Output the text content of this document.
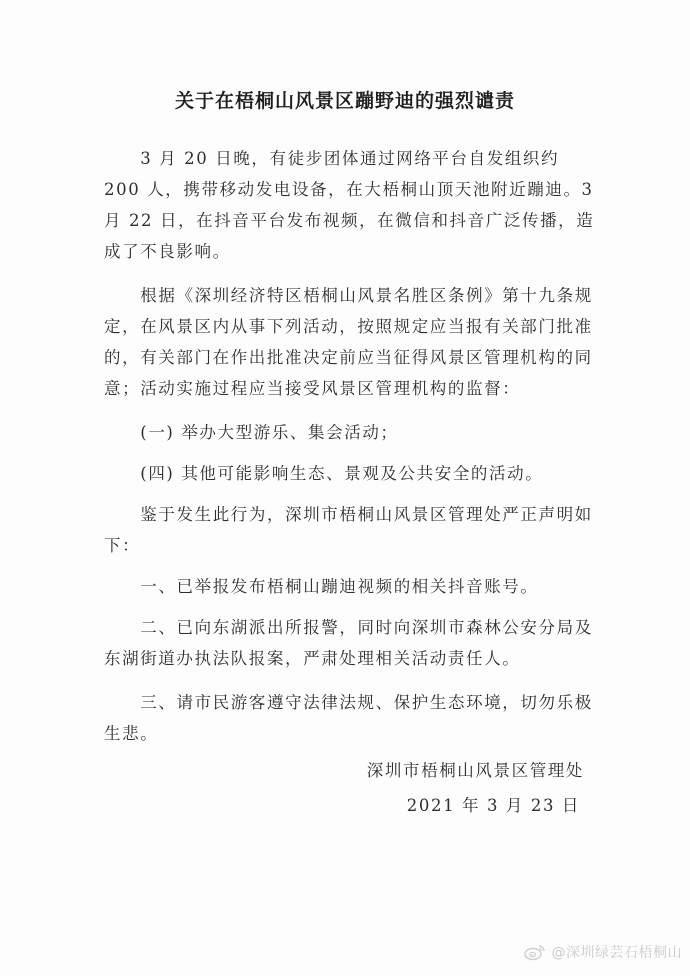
关于在梧桐山风景区蹦野迪的强烈谴责

3 月 20 日晚，有徒步团体通过网络平台自发组织约 200 人，携带移动发电设备，在大梧桐山顶天池附近蹦迪。3 月 22 日，在抖音平台发布视频，在微信和抖音广泛传播，造成了不良影响。

根据《深圳经济特区梧桐山风景名胜区条例》第十九条规定，在风景区内从事下列活动，按照规定应当报有关部门批准的，有关部门在作出批准决定前应当征得风景区管理机构的同意；活动实施过程应当接受风景区管理机构的监督：

(一) 举办大型游乐、集会活动；

(四) 其他可能影响生态、景观及公共安全的活动。

鉴于发生此行为，深圳市梧桐山风景区管理处严正声明如下：

一、已举报发布梧桐山蹦迪视频的相关抖音账号。

二、已向东湖派出所报警，同时向深圳市森林公安分局及东湖街道办执法队报案，严肃处理相关活动责任人。

三、请市民游客遵守法律法规、保护生态环境，切勿乐极生悲。

深圳市梧桐山风景区管理处
2021 年 3 月 23 日
@深圳绿芸石梧桐山
